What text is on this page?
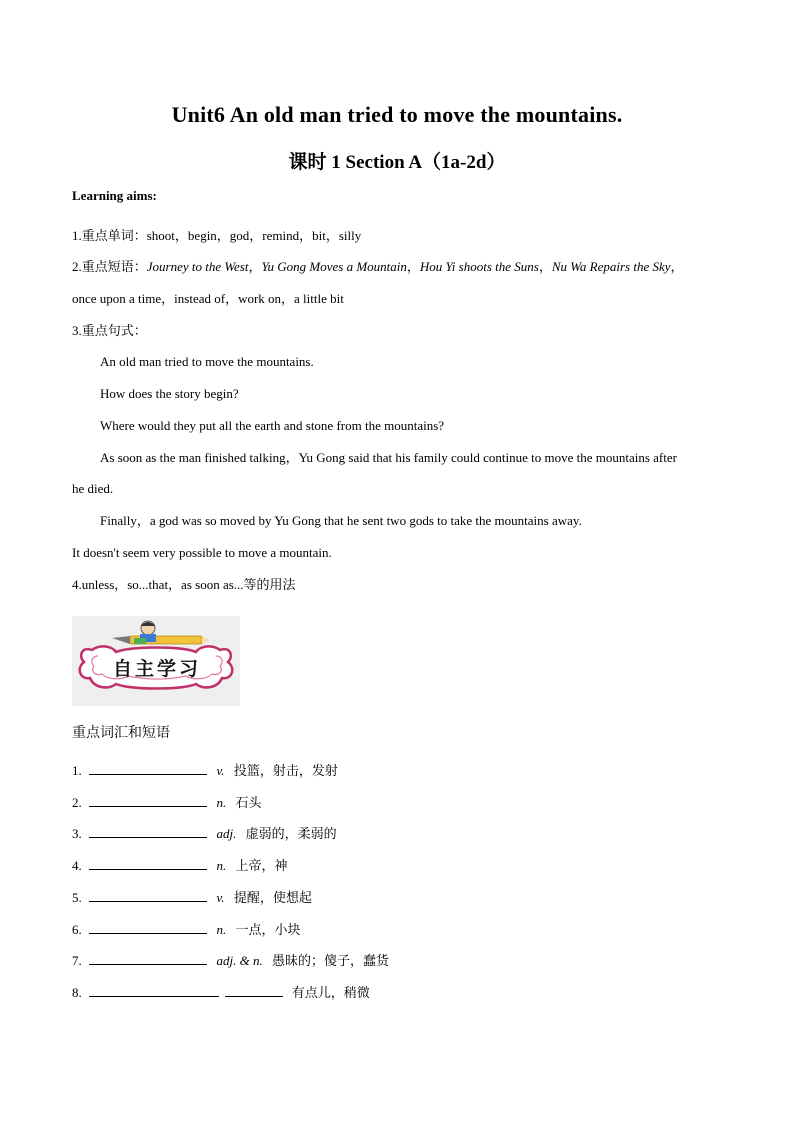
Unit6 An old man tried to move the mountains.
课时 1 Section A（1a-2d）
Learning aims:
1.重点单词：shoot，begin，god，remind，bit，silly
2.重点短语：Journey to the West，Yu Gong Moves a Mountain，Hou Yi shoots the Suns，Nu Wa Repairs the Sky，
once upon a time，instead of，work on，a little bit
3.重点句式：
An old man tried to move the mountains.
How does the story begin?
Where would they put all the earth and stone from the mountains?
As soon as the man finished talking，Yu Gong said that his family could continue to move the mountains after
he died.
Finally，a god was so moved by Yu Gong that he sent two gods to take the mountains away.
It doesn't seem very possible to move a mountain.
4.unless，so...that，as soon as...等的用法
自主学习
重点词汇和短语
1.	v. 投篮，射击，发射
2.	n. 石头
3.	adj. 虚弱的，柔弱的
4.	n. 上帝，神
5.	v. 提醒，使想起
6.	n. 一点，小块
7.	adj. & n. 愚昧的；傻子，蠢货
8.	有点儿，稍微
